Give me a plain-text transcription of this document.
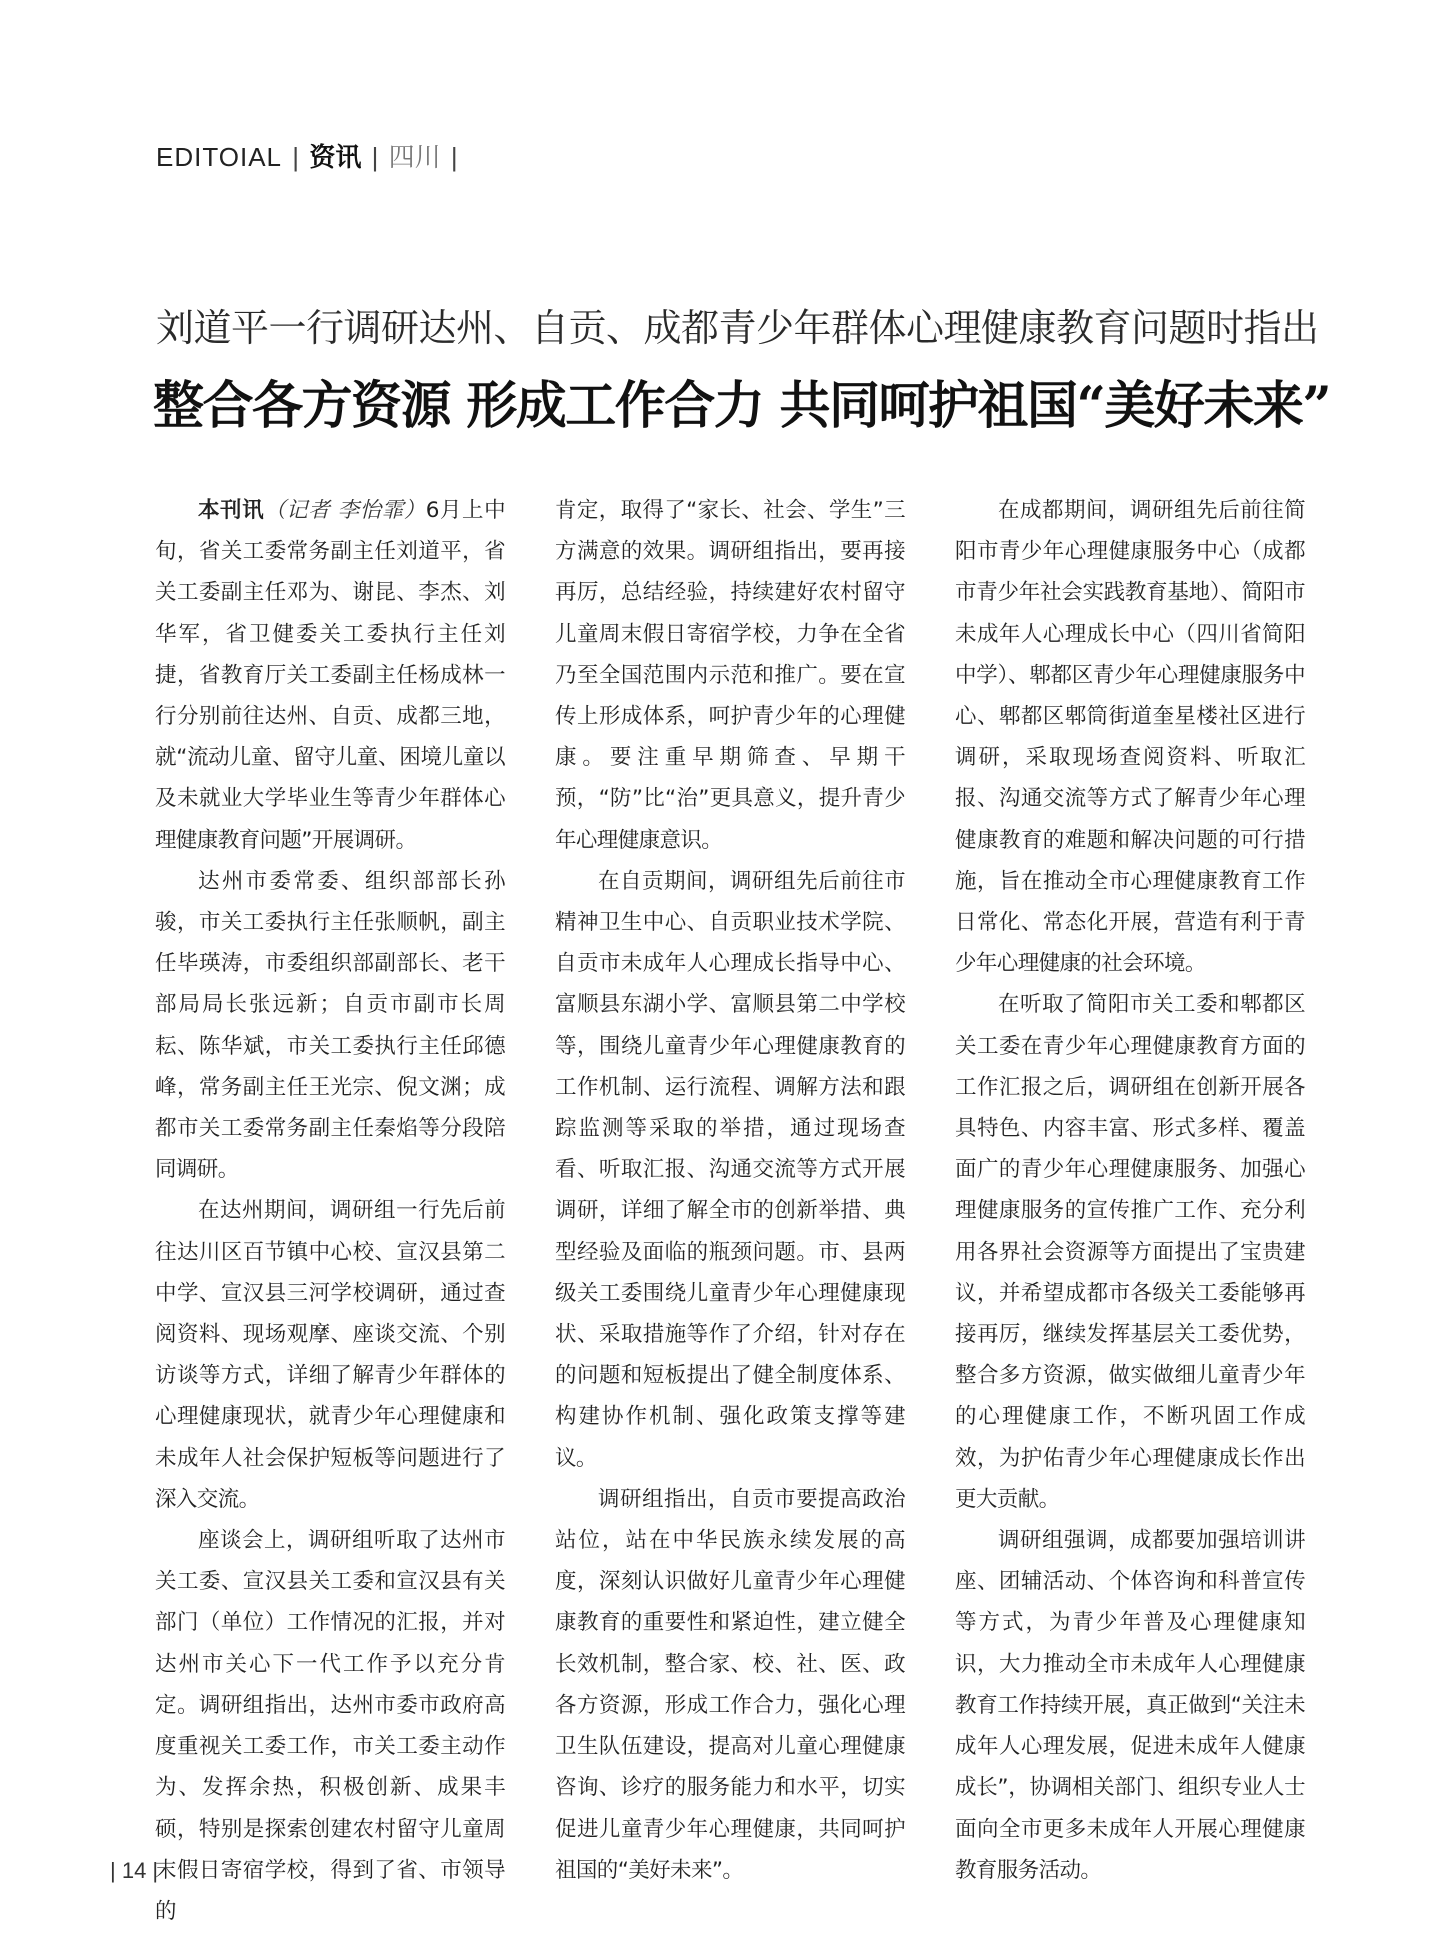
EDITOIAL | 资讯 | 四川 |
刘道平一行调研达州、自贡、成都青少年群体心理健康教育问题时指出
整合各方资源 形成工作合力 共同呵护祖国“美好未来”

本刊讯（记者 李怡霏）6月上中旬，省关工委常务副主任刘道平，省关工委副主任邓为、谢昆、李杰、刘华军，省卫健委关工委执行主任刘捷，省教育厅关工委副主任杨成林一行分别前往达州、自贡、成都三地，就“流动儿童、留守儿童、困境儿童以及未就业大学毕业生等青少年群体心理健康教育问题”开展调研。

达州市委常委、组织部部长孙骏，市关工委执行主任张顺帆，副主任毕瑛涛，市委组织部副部长、老干部局局长张远新；自贡市副市长周耘、陈华斌，市关工委执行主任邱德峰，常务副主任王光宗、倪文渊；成都市关工委常务副主任秦焰等分段陪同调研。

在达州期间，调研组一行先后前往达川区百节镇中心校、宣汉县第二中学、宣汉县三河学校调研，通过查阅资料、现场观摩、座谈交流、个别访谈等方式，详细了解青少年群体的心理健康现状，就青少年心理健康和未成年人社会保护短板等问题进行了深入交流。

座谈会上，调研组听取了达州市关工委、宣汉县关工委和宣汉县有关部门（单位）工作情况的汇报，并对达州市关心下一代工作予以充分肯定。调研组指出，达州市委市政府高度重视关工委工作，市关工委主动作为、发挥余热，积极创新、成果丰硕，特别是探索创建农村留守儿童周末假日寄宿学校，得到了省、市领导的

肯定，取得了“家长、社会、学生”三方满意的效果。调研组指出，要再接再厉，总结经验，持续建好农村留守儿童周末假日寄宿学校，力争在全省乃至全国范围内示范和推广。要在宣传上形成体系，呵护青少年的心理健康。要注重早期筛查、早期干预，“防”比“治”更具意义，提升青少年心理健康意识。

在自贡期间，调研组先后前往市精神卫生中心、自贡职业技术学院、自贡市未成年人心理成长指导中心、富顺县东湖小学、富顺县第二中学校等，围绕儿童青少年心理健康教育的工作机制、运行流程、调解方法和跟踪监测等采取的举措，通过现场查看、听取汇报、沟通交流等方式开展调研，详细了解全市的创新举措、典型经验及面临的瓶颈问题。市、县两级关工委围绕儿童青少年心理健康现状、采取措施等作了介绍，针对存在的问题和短板提出了健全制度体系、构建协作机制、强化政策支撑等建议。

调研组指出，自贡市要提高政治站位，站在中华民族永续发展的高度，深刻认识做好儿童青少年心理健康教育的重要性和紧迫性，建立健全长效机制，整合家、校、社、医、政各方资源，形成工作合力，强化心理卫生队伍建设，提高对儿童心理健康咨询、诊疗的服务能力和水平，切实促进儿童青少年心理健康，共同呵护祖国的“美好未来”。

在成都期间，调研组先后前往简阳市青少年心理健康服务中心（成都市青少年社会实践教育基地）、简阳市未成年人心理成长中心（四川省简阳中学）、郫都区青少年心理健康服务中心、郫都区郫筒街道奎星楼社区进行调研，采取现场查阅资料、听取汇报、沟通交流等方式了解青少年心理健康教育的难题和解决问题的可行措施，旨在推动全市心理健康教育工作日常化、常态化开展，营造有利于青少年心理健康的社会环境。

在听取了简阳市关工委和郫都区关工委在青少年心理健康教育方面的工作汇报之后，调研组在创新开展各具特色、内容丰富、形式多样、覆盖面广的青少年心理健康服务、加强心理健康服务的宣传推广工作、充分利用各界社会资源等方面提出了宝贵建议，并希望成都市各级关工委能够再接再厉，继续发挥基层关工委优势，整合多方资源，做实做细儿童青少年的心理健康工作，不断巩固工作成效，为护佑青少年心理健康成长作出更大贡献。

调研组强调，成都要加强培训讲座、团辅活动、个体咨询和科普宣传等方式，为青少年普及心理健康知识，大力推动全市未成年人心理健康教育工作持续开展，真正做到“关注未成年人心理发展，促进未成年人健康成长”，协调相关部门、组织专业人士面向全市更多未成年人开展心理健康教育服务活动。

| 14 |
